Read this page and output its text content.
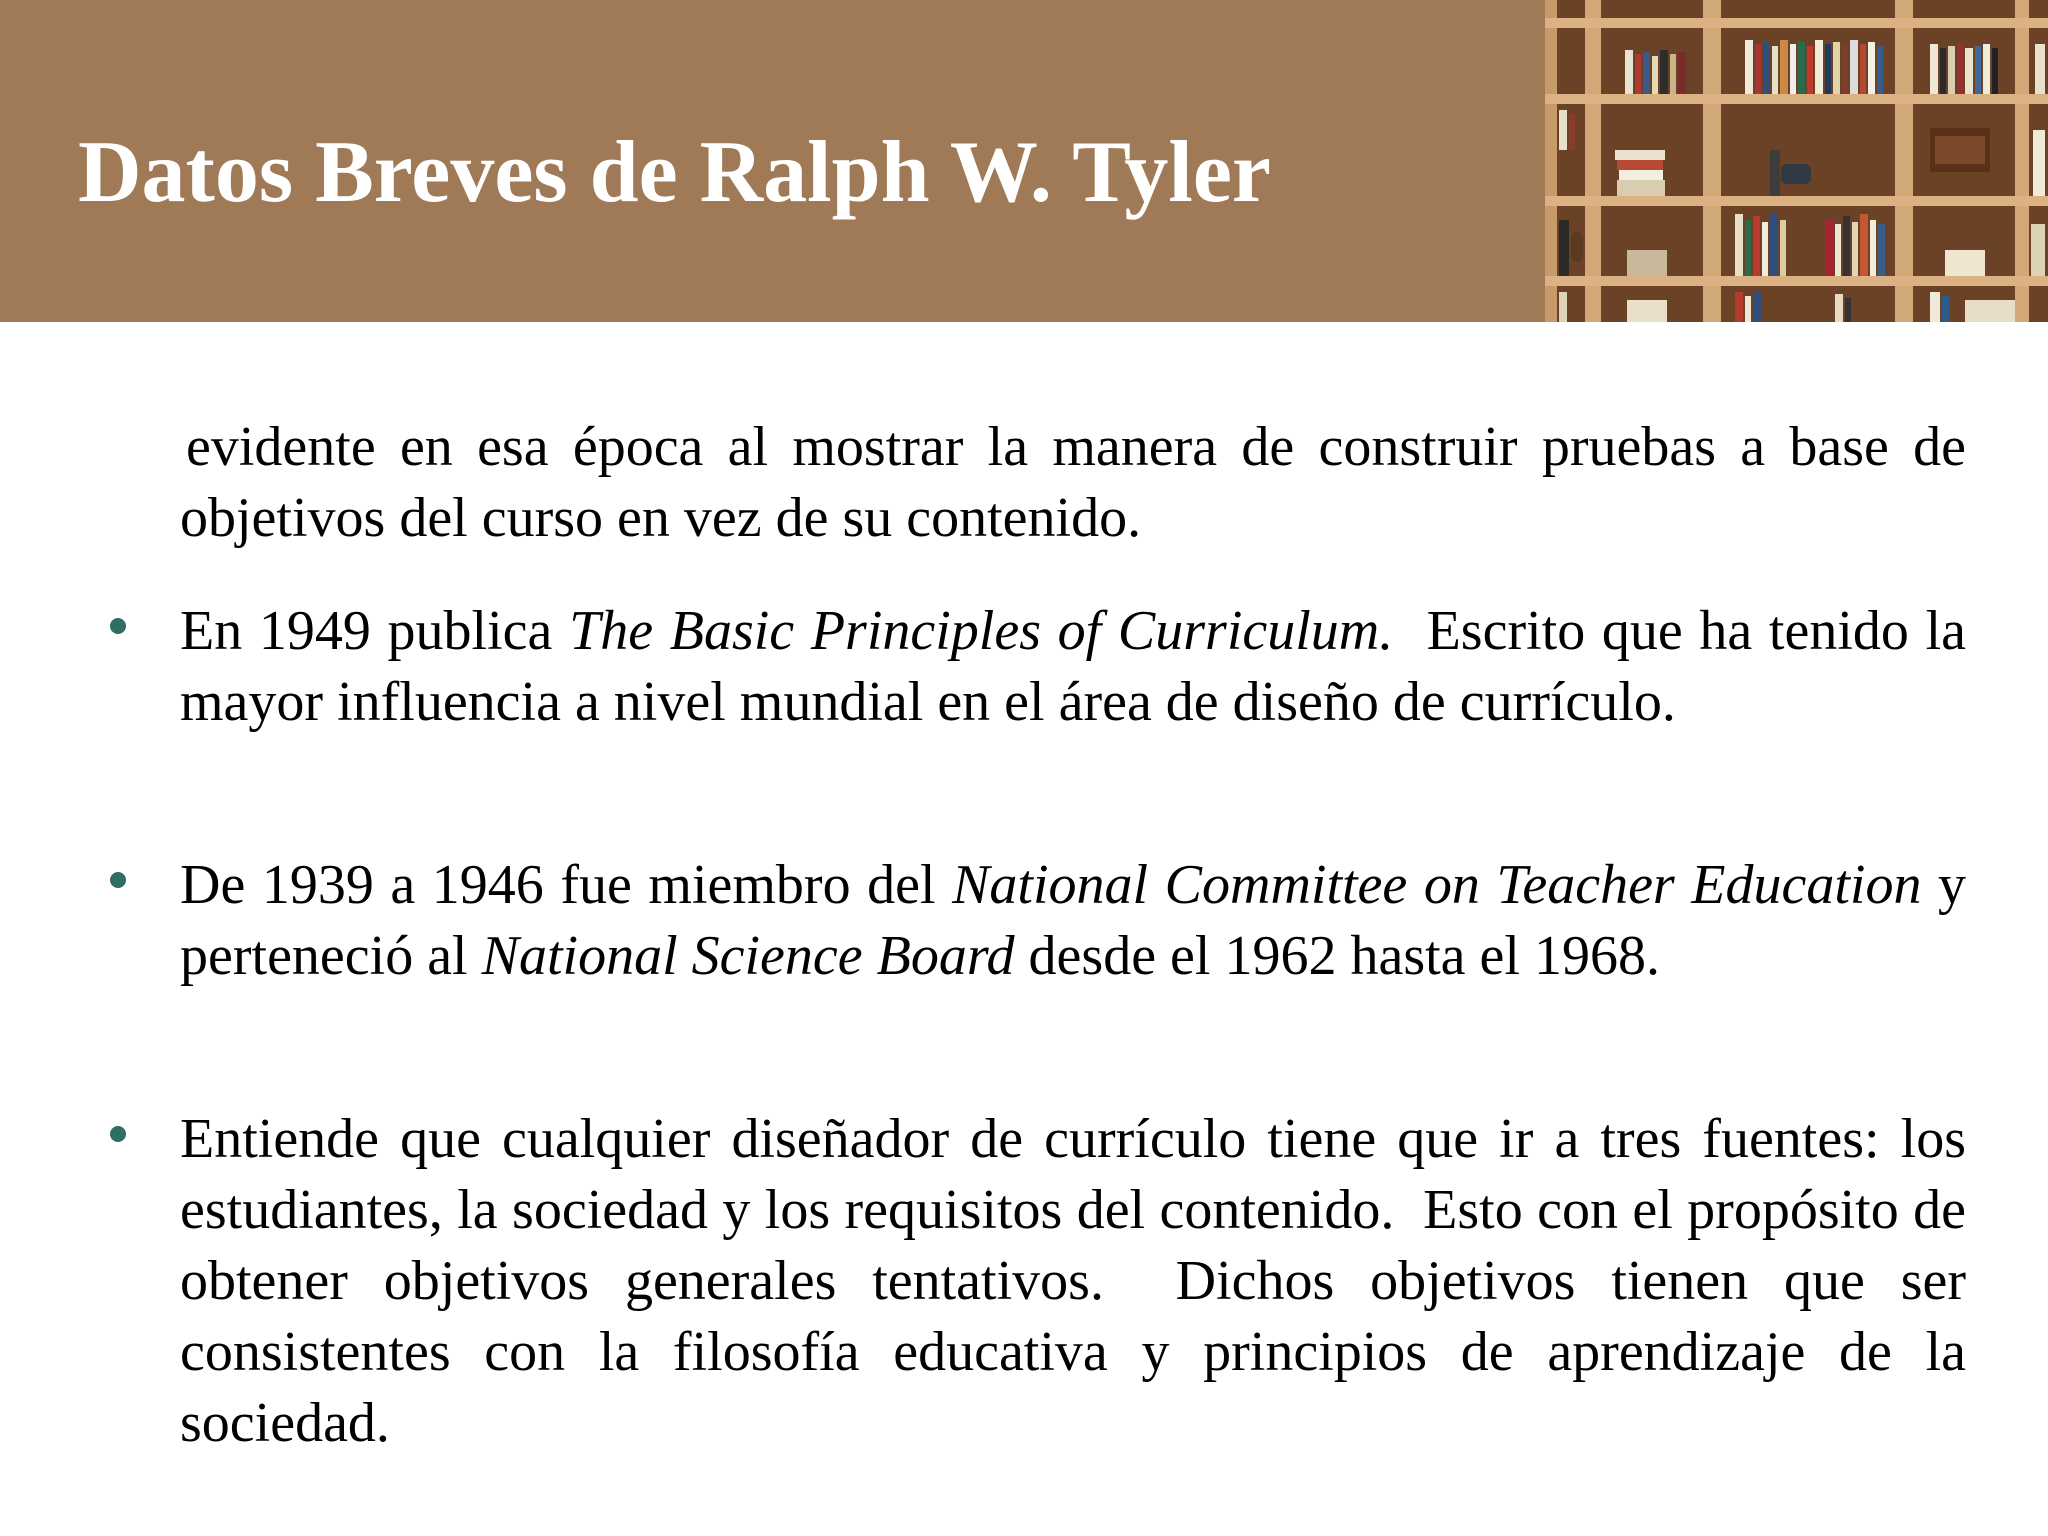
Datos Breves de Ralph W. Tyler

evidente en esa época al mostrar la manera de construir pruebas a base de objetivos del curso en vez de su contenido.

En 1949 publica The Basic Principles of Curriculum.  Escrito que ha tenido la mayor influencia a nivel mundial en el área de diseño de currículo.

De 1939 a 1946 fue miembro del National Committee on Teacher Education y perteneció al National Science Board desde el 1962 hasta el 1968.

Entiende que cualquier diseñador de currículo tiene que ir a tres fuentes: los estudiantes, la sociedad y los requisitos del contenido.  Esto con el propósito de obtener objetivos generales tentativos.  Dichos objetivos tienen que ser consistentes con la filosofía educativa y principios de aprendizaje de la sociedad.
